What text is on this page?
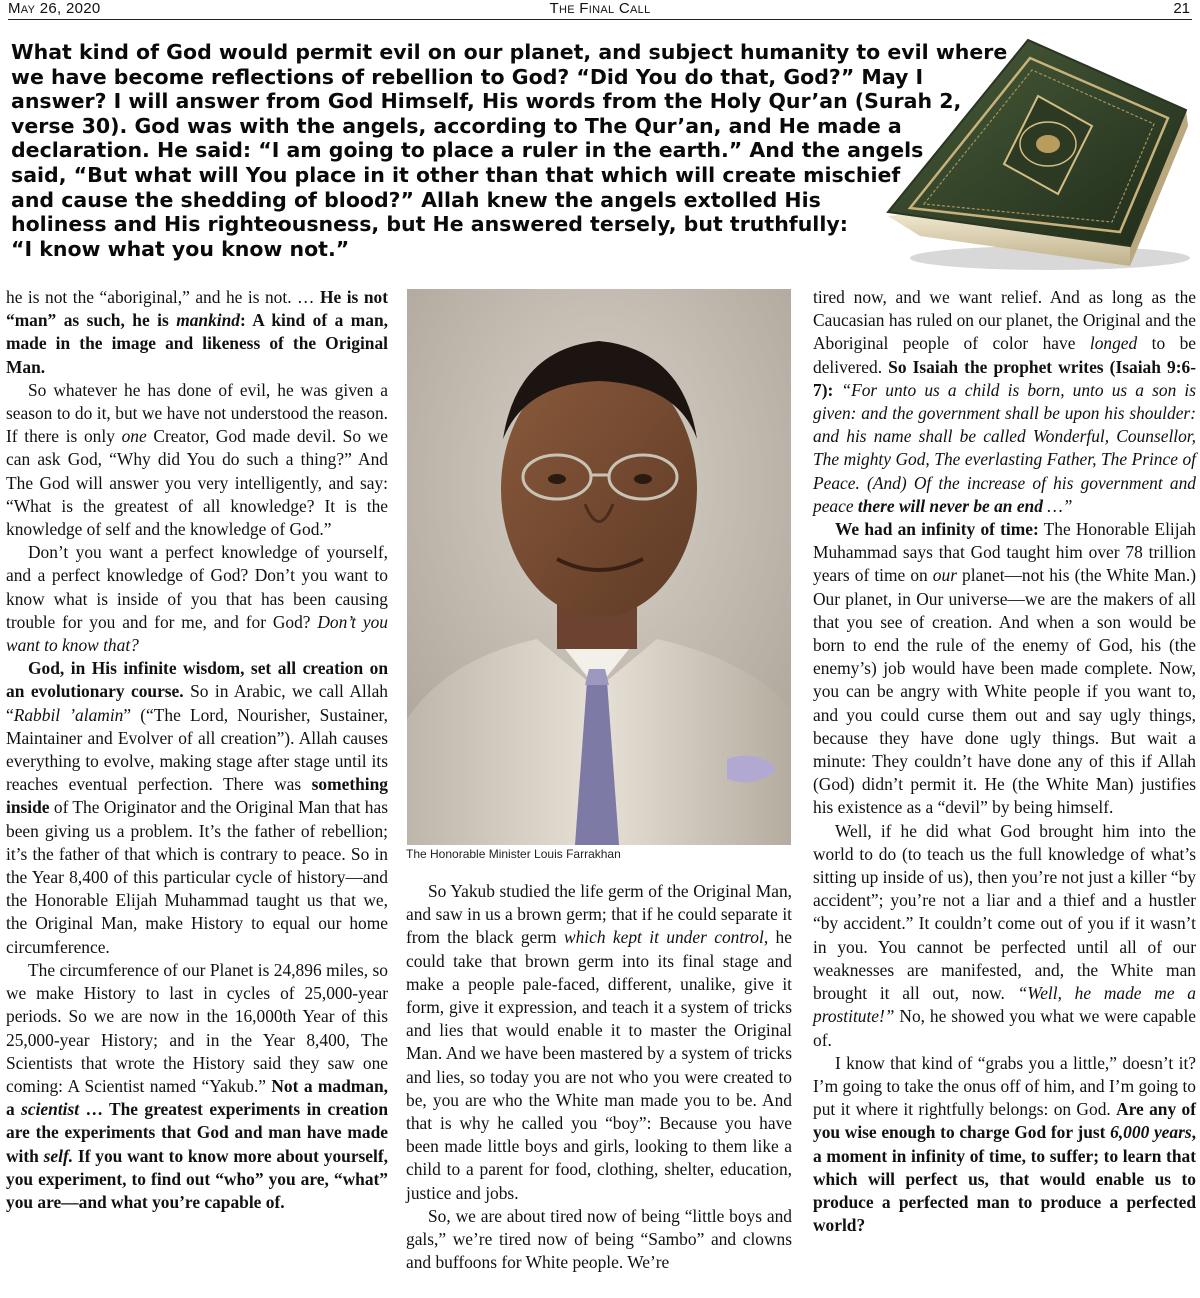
May 26, 2020	The Final Call	21
What kind of God would permit evil on our planet, and subject humanity to evil where
we have become reflections of rebellion to God? “Did You do that, God?” May I
answer? I will answer from God Himself, His words from the Holy Qur’an (Surah 2,
verse 30). God was with the angels, according to The Qur’an, and He made a
declaration. He said: “I am going to place a ruler in the earth.” And the angels
said, “But what will You place in it other than that which will create mischief
and cause the shedding of blood?” Allah knew the angels extolled His
holiness and His righteousness, but He answered tersely, but truthfully:
“I know what you know not.”

he is not the “aboriginal,” and he is not. … He is not “man” as such, he is mankind: A kind of a man, made in the image and likeness of the Original Man.

So whatever he has done of evil, he was given a season to do it, but we have not understood the reason. If there is only one Creator, God made devil. So we can ask God, “Why did You do such a thing?” And The God will answer you very intelligently, and say: “What is the greatest of all knowledge? It is the knowledge of self and the knowledge of God.”

Don’t you want a perfect knowledge of yourself, and a perfect knowledge of God? Don’t you want to know what is inside of you that has been causing trouble for you and for me, and for God? Don’t you want to know that?

God, in His infinite wisdom, set all creation on an evolutionary course. So in Arabic, we call Allah “Rabbil ’alamin” (“The Lord, Nourisher, Sustainer, Maintainer and Evolver of all creation”). Allah causes everything to evolve, making stage after stage until its reaches eventual perfection. There was something inside of The Originator and the Original Man that has been giving us a problem. It’s the father of rebellion; it’s the father of that which is contrary to peace. So in the Year 8,400 of this particular cycle of history—and the Honorable Elijah Muhammad taught us that we, the Original Man, make History to equal our home circumference.

The circumference of our Planet is 24,896 miles, so we make History to last in cycles of 25,000-year periods. So we are now in the 16,000th Year of this 25,000-year History; and in the Year 8,400, The Scientists that wrote the History said they saw one coming: A Scientist named “Yakub.” Not a madman, a scientist … The greatest experiments in creation are the experiments that God and man have made with self. If you want to know more about yourself, you experiment, to find out “who” you are, “what” you are—and what you’re capable of.

The Honorable Minister Louis Farrakhan

So Yakub studied the life germ of the Original Man, and saw in us a brown germ; that if he could separate it from the black germ which kept it under control, he could take that brown germ into its final stage and make a people pale-faced, different, unalike, give it form, give it expression, and teach it a system of tricks and lies that would enable it to master the Original Man. And we have been mastered by a system of tricks and lies, so today you are not who you were created to be, you are who the White man made you to be. And that is why he called you “boy”: Because you have been made little boys and girls, looking to them like a child to a parent for food, clothing, shelter, education, justice and jobs.

So, we are about tired now of being “little boys and gals,” we’re tired now of being “Sambo” and clowns and buffoons for White people. We’re

tired now, and we want relief. And as long as the Caucasian has ruled on our planet, the Original and the Aboriginal people of color have longed to be delivered. So Isaiah the prophet writes (Isaiah 9:6-7): “For unto us a child is born, unto us a son is given: and the government shall be upon his shoulder: and his name shall be called Wonderful, Counsellor, The mighty God, The everlasting Father, The Prince of Peace. (And) Of the increase of his government and peace there will never be an end …”

We had an infinity of time: The Honorable Elijah Muhammad says that God taught him over 78 trillion years of time on our planet—not his (the White Man.) Our planet, in Our universe—we are the makers of all that you see of creation. And when a son would be born to end the rule of the enemy of God, his (the enemy’s) job would have been made complete. Now, you can be angry with White people if you want to, and you could curse them out and say ugly things, because they have done ugly things. But wait a minute: They couldn’t have done any of this if Allah (God) didn’t permit it. He (the White Man) justifies his existence as a “devil” by being himself.

Well, if he did what God brought him into the world to do (to teach us the full knowledge of what’s sitting up inside of us), then you’re not just a killer “by accident”; you’re not a liar and a thief and a hustler “by accident.” It couldn’t come out of you if it wasn’t in you. You cannot be perfected until all of our weaknesses are manifested, and, the White man brought it all out, now. “Well, he made me a prostitute!” No, he showed you what we were capable of.

I know that kind of “grabs you a little,” doesn’t it? I’m going to take the onus off of him, and I’m going to put it where it rightfully belongs: on God. Are any of you wise enough to charge God for just 6,000 years, a moment in infinity of time, to suffer; to learn that which will perfect us, that would enable us to produce a perfected man to produce a perfected world?
